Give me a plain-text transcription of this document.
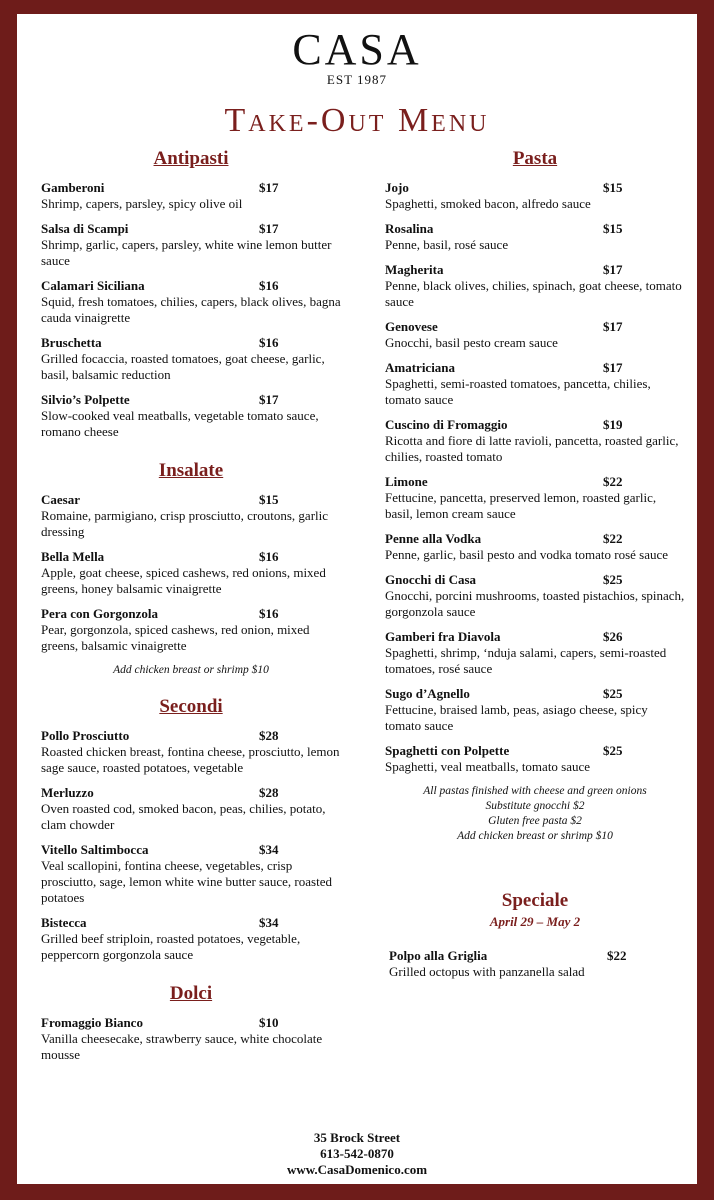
CASA
EST 1987
Take-Out Menu
Antipasti
Gamberoni	$17
Shrimp, capers, parsley, spicy olive oil
Salsa di Scampi	$17
Shrimp, garlic, capers, parsley, white wine lemon butter sauce
Calamari Siciliana	$16
Squid, fresh tomatoes, chilies, capers, black olives, bagna cauda vinaigrette
Bruschetta	$16
Grilled focaccia, roasted tomatoes, goat cheese, garlic, basil, balsamic reduction
Silvio’s Polpette	$17
Slow-cooked veal meatballs, vegetable tomato sauce, romano cheese
Insalate
Caesar	$15
Romaine, parmigiano, crisp prosciutto, croutons, garlic dressing
Bella Mella	$16
Apple, goat cheese, spiced cashews, red onions, mixed greens, honey balsamic vinaigrette
Pera con Gorgonzola	$16
Pear, gorgonzola, spiced cashews, red onion, mixed greens, balsamic vinaigrette
Add chicken breast or shrimp $10
Secondi
Pollo Prosciutto	$28
Roasted chicken breast, fontina cheese, prosciutto, lemon sage sauce, roasted potatoes, vegetable
Merluzzo	$28
Oven roasted cod, smoked bacon, peas, chilies, potato, clam chowder
Vitello Saltimbocca	$34
Veal scallopini, fontina cheese, vegetables, crisp prosciutto, sage, lemon white wine butter sauce, roasted potatoes
Bistecca	$34
Grilled beef striploin, roasted potatoes, vegetable, peppercorn gorgonzola sauce
Dolci
Fromaggio Bianco	$10
Vanilla cheesecake, strawberry sauce, white chocolate mousse
Pasta
Jojo	$15
Spaghetti, smoked bacon, alfredo sauce
Rosalina	$15
Penne, basil, rosé sauce
Magherita	$17
Penne, black olives, chilies, spinach, goat cheese, tomato sauce
Genovese	$17
Gnocchi, basil pesto cream sauce
Amatriciana	$17
Spaghetti, semi-roasted tomatoes, pancetta, chilies, tomato sauce
Cuscino di Fromaggio	$19
Ricotta and fiore di latte ravioli, pancetta, roasted garlic, chilies, roasted tomato
Limone	$22
Fettucine, pancetta, preserved lemon, roasted garlic, basil, lemon cream sauce
Penne alla Vodka	$22
Penne, garlic, basil pesto and vodka tomato rosé sauce
Gnocchi di Casa	$25
Gnocchi, porcini mushrooms, toasted pistachios, spinach, gorgonzola sauce
Gamberi fra Diavola	$26
Spaghetti, shrimp, ‘nduja salami, capers, semi-roasted tomatoes, rosé sauce
Sugo d’Agnello	$25
Fettucine, braised lamb, peas, asiago cheese, spicy tomato sauce
Spaghetti con Polpette	$25
Spaghetti, veal meatballs, tomato sauce
All pastas finished with cheese and green onions
Substitute gnocchi $2
Gluten free pasta $2
Add chicken breast or shrimp $10
Speciale
April 29 – May 2
Polpo alla Griglia	$22
Grilled octopus with panzanella salad
35 Brock Street
613-542-0870
www.CasaDomenico.com
